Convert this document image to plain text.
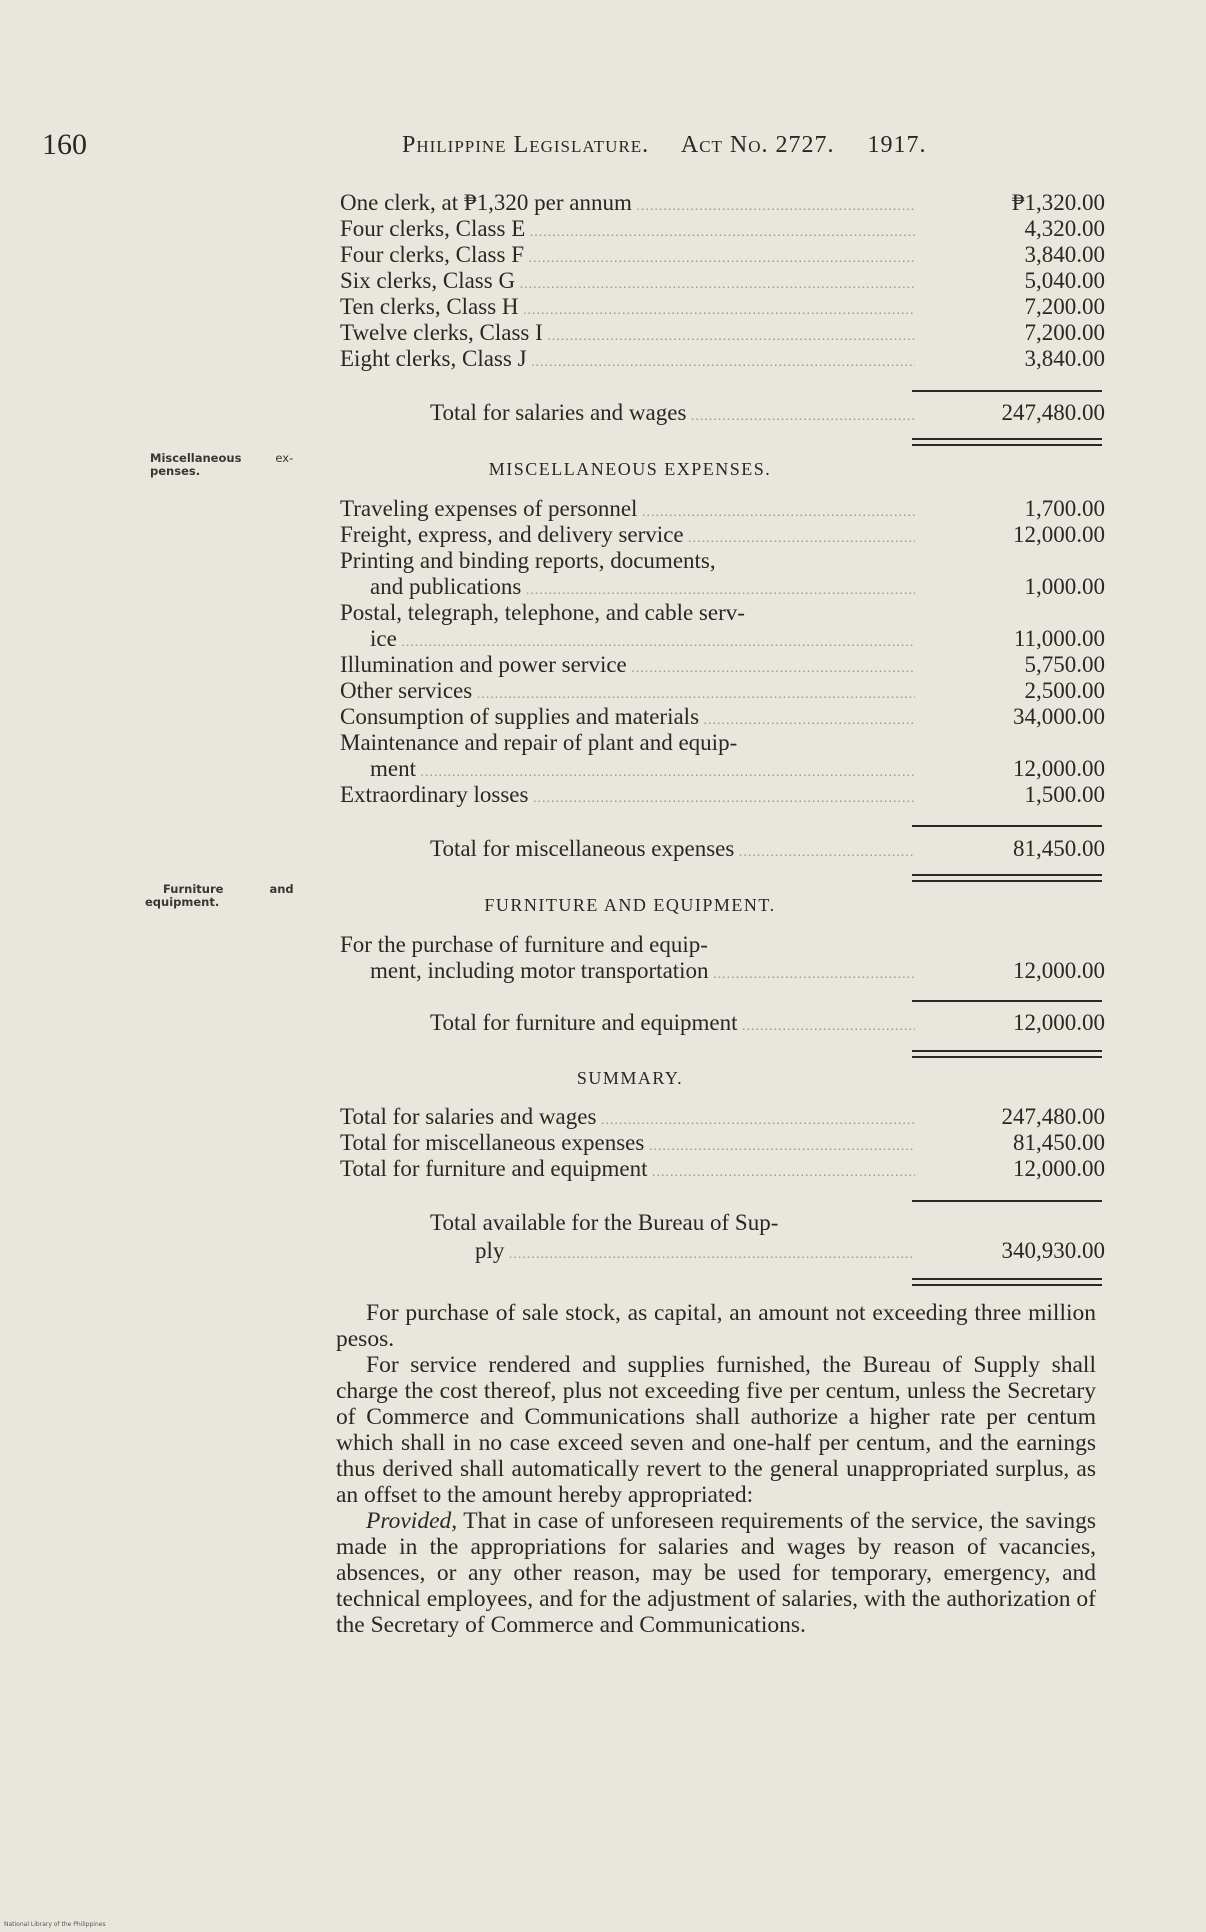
160	Philippine Legislature. Act No. 2727. 1917.
One clerk, at ₱1,320 per annum .....	₱1,320.00
Four clerks, Class E .....	4,320.00
Four clerks, Class F .....	3,840.00
Six clerks, Class G .....	5,040.00
Ten clerks, Class H .....	7,200.00
Twelve clerks, Class I .....	7,200.00
Eight clerks, Class J .....	3,840.00
Total for salaries and wages .....	247,480.00
Miscellaneous	ex-
penses.	MISCELLANEOUS EXPENSES.
Traveling expenses of personnel .....	1,700.00
Freight, express, and delivery service .....	12,000.00
Printing and binding reports, documents,
and publications .....	1,000.00
Postal, telegraph, telephone, and cable serv-
ice .....	11,000.00
Illumination and power service .....	5,750.00
Other services .....	2,500.00
Consumption of supplies and materials .....	34,000.00
Maintenance and repair of plant and equip-
ment .....	12,000.00
Extraordinary losses .....	1,500.00
Total for miscellaneous expenses .....	81,450.00
Furniture	and
equipment.	FURNITURE AND EQUIPMENT.
For the purchase of furniture and equip-
ment, including motor transportation .....	12,000.00
Total for furniture and equipment .....	12,000.00
SUMMARY.
Total for salaries and wages .....	247,480.00
Total for miscellaneous expenses .....	81,450.00
Total for furniture and equipment .....	12,000.00
Total available for the Bureau of Sup-
ply .....	340,930.00

For purchase of sale stock, as capital, an amount not exceeding three million pesos.

For service rendered and supplies furnished, the Bureau of Supply shall charge the cost thereof, plus not exceeding five per centum, unless the Secretary of Commerce and Communications shall authorize a higher rate per centum which shall in no case exceed seven and one-half per centum, and the earnings thus derived shall automatically revert to the general unappropriated surplus, as an offset to the amount hereby appropriated:

Provided, That in case of unforeseen requirements of the service, the savings made in the appropriations for salaries and wages by reason of vacancies, absences, or any other reason, may be used for temporary, emergency, and technical employees, and for the adjustment of salaries, with the authorization of the Secretary of Commerce and Communications.

National Library of the Philippines
